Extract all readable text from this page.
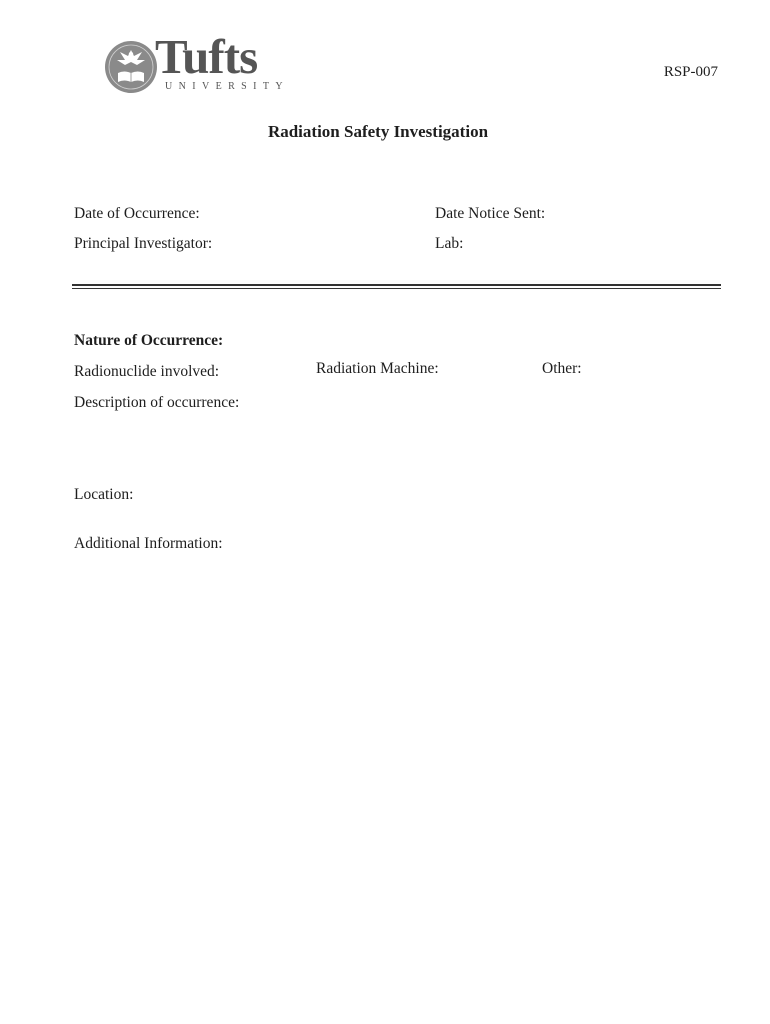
Tufts
UNIVERSITY
RSP-007
Radiation Safety Investigation
Date of Occurrence:	Date Notice Sent:
Principal Investigator:	Lab:
Nature of Occurrence:
Radionuclide involved:	Radiation Machine:	Other:
Description of occurrence:
Location:
Additional Information:
